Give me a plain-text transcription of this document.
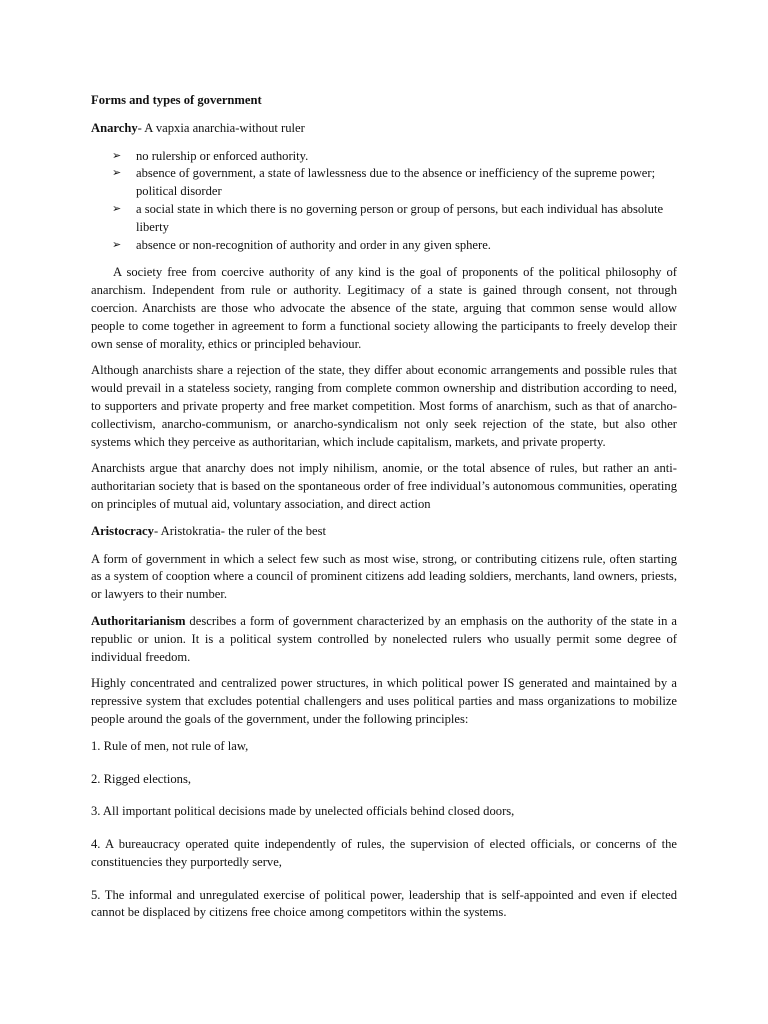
Forms and types of government
Anarchy- A vapxia anarchia-without ruler
➢ no rulership or enforced authority.
➢ absence of government, a state of lawlessness due to the absence or inefficiency of the supreme power; political disorder
➢ a social state in which there is no governing person or group of persons, but each individual has absolute liberty
➢ absence or non-recognition of authority and order in any given sphere.

A society free from coercive authority of any kind is the goal of proponents of the political philosophy of anarchism. Independent from rule or authority. Legitimacy of a state is gained through consent, not through coercion. Anarchists are those who advocate the absence of the state, arguing that common sense would allow people to come together in agreement to form a functional society allowing the participants to freely develop their own sense of morality, ethics or principled behaviour.

Although anarchists share a rejection of the state, they differ about economic arrangements and possible rules that would prevail in a stateless society, ranging from complete common ownership and distribution according to need, to supporters and private property and free market competition. Most forms of anarchism, such as that of anarcho-collectivism, anarcho-communism, or anarcho-syndicalism not only seek rejection of the state, but also other systems which they perceive as authoritarian, which include capitalism, markets, and private property.

Anarchists argue that anarchy does not imply nihilism, anomie, or the total absence of rules, but rather an anti-authoritarian society that is based on the spontaneous order of free individual’s autonomous communities, operating on principles of mutual aid, voluntary association, and direct action

Aristocracy- Aristokratia- the ruler of the best

A form of government in which a select few such as most wise, strong, or contributing citizens rule, often starting as a system of cooption where a council of prominent citizens add leading soldiers, merchants, land owners, priests, or lawyers to their number.

Authoritarianism describes a form of government characterized by an emphasis on the authority of the state in a republic or union. It is a political system controlled by nonelected rulers who usually permit some degree of individual freedom.

Highly concentrated and centralized power structures, in which political power IS generated and maintained by a repressive system that excludes potential challengers and uses political parties and mass organizations to mobilize people around the goals of the government, under the following principles:

1. Rule of men, not rule of law,
2. Rigged elections,
3. All important political decisions made by unelected officials behind closed doors,
4. A bureaucracy operated quite independently of rules, the supervision of elected officials, or concerns of the constituencies they purportedly serve,
5. The informal and unregulated exercise of political power, leadership that is self-appointed and even if elected cannot be displaced by citizens free choice among competitors within the systems.
